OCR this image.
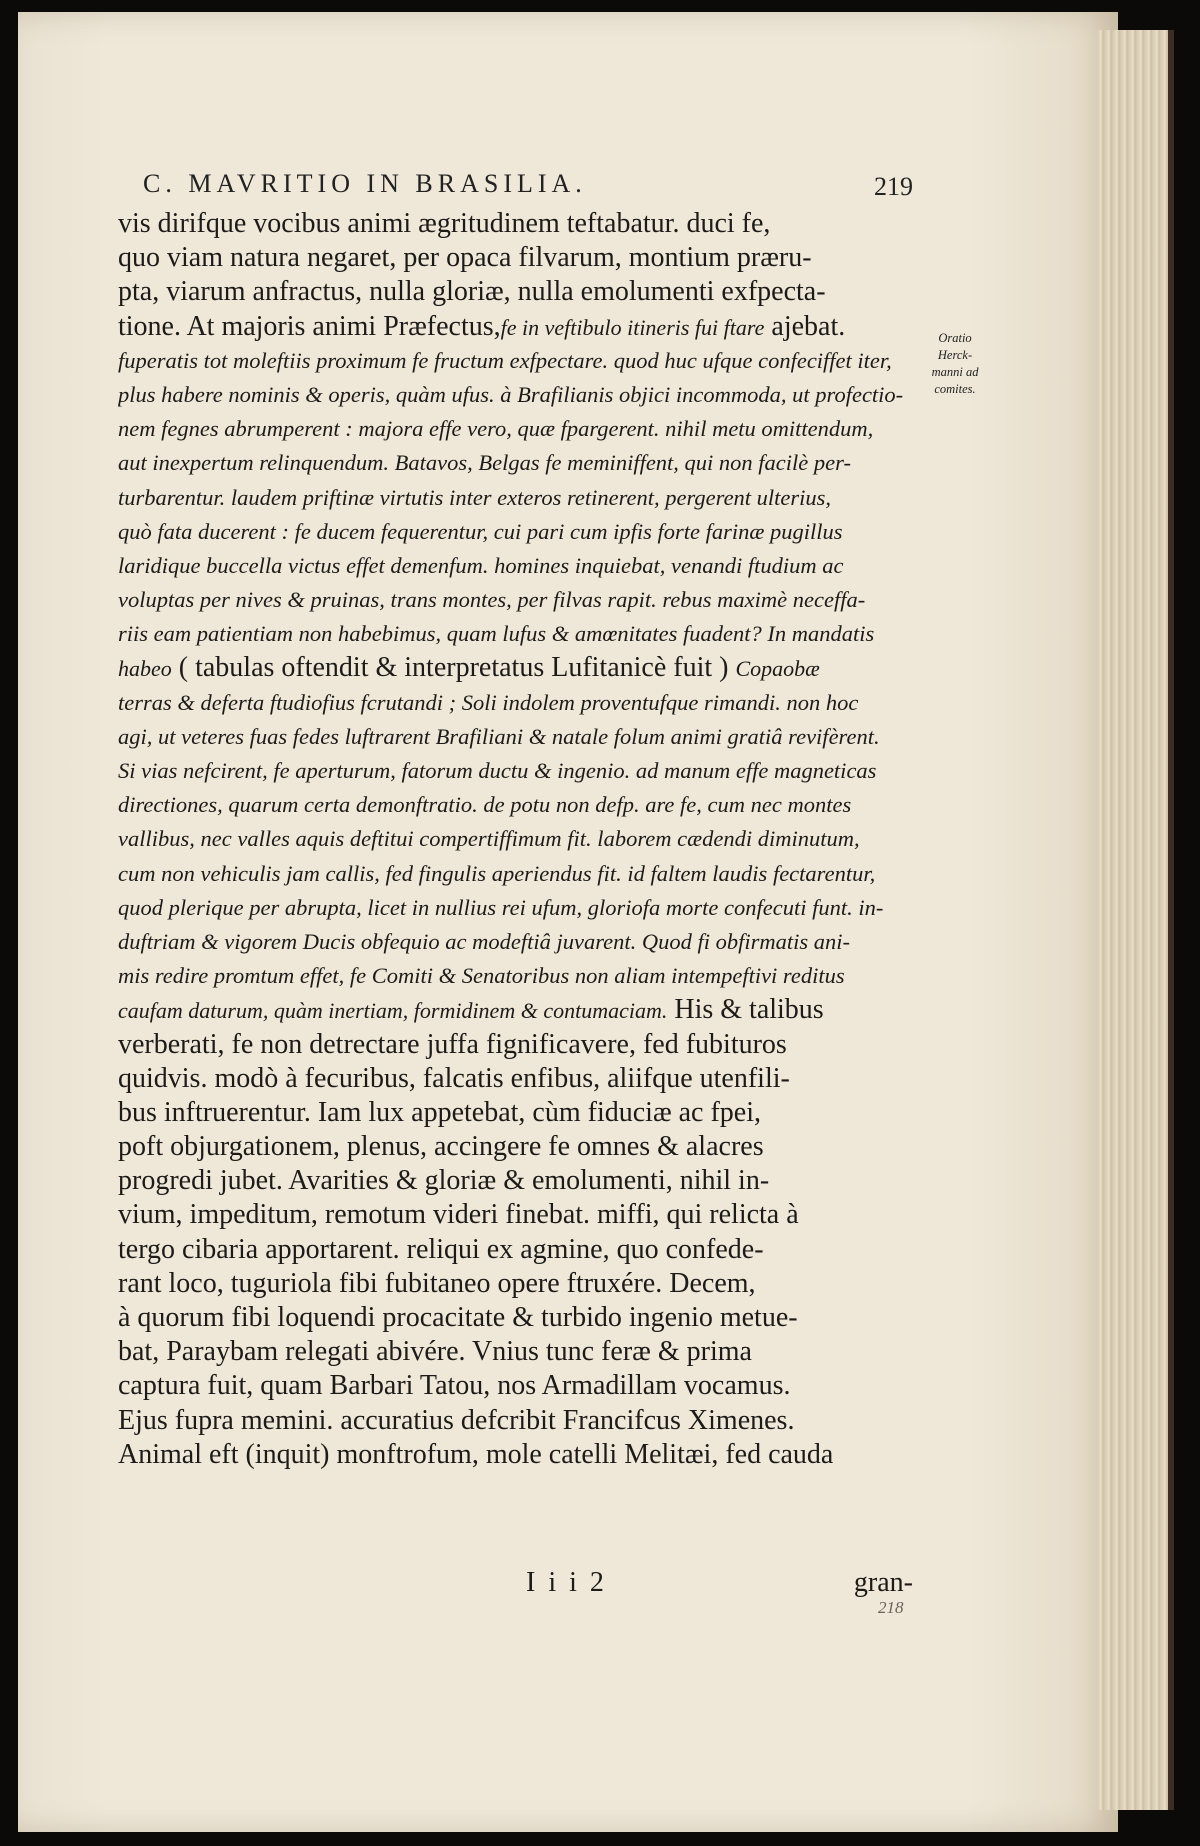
C. MAVRITIO IN BRASILIA.	219
vis dirifque vocibus animi ægritudinem teftabatur. duci fe,
quo viam natura negaret, per opaca filvarum, montium præru-
pta, viarum anfractus, nulla gloriæ, nulla emolumenti exfpecta-
tione. At majoris animi Præfectus,fe in veftibulo itineris fui ftare ajebat.
fuperatis tot moleftiis proximum fe fructum exfpectare. quod huc ufque confeciffet iter,
plus habere nominis & operis, quàm ufus. à Brafilianis objici incommoda, ut profectio-
nem fegnes abrumperent : majora effe vero, quæ fpargerent. nihil metu omittendum,
aut inexpertum relinquendum. Batavos, Belgas fe meminiffent, qui non facilè per-
turbarentur. laudem priftinæ virtutis inter exteros retinerent, pergerent ulterius,
quò fata ducerent : fe ducem fequerentur, cui pari cum ipfis forte farinæ pugillus
laridique buccella victus effet demenfum. homines inquiebat, venandi ftudium ac
voluptas per nives & pruinas, trans montes, per filvas rapit. rebus maximè neceffa-
riis eam patientiam non habebimus, quam lufus & amœnitates fuadent? In mandatis
habeo ( tabulas oftendit & interpretatus Lufitanicè fuit ) Copaobæ
terras & deferta ftudiofius fcrutandi ; Soli indolem proventufque rimandi. non hoc
agi, ut veteres fuas fedes luftrarent Brafiliani & natale folum animi gratiâ revifèrent.
Si vias nefcirent, fe aperturum, fatorum ductu & ingenio. ad manum effe magneticas
directiones, quarum certa demonftratio. de potu non defp. are fe, cum nec montes
vallibus, nec valles aquis deftitui compertiffimum fit. laborem cædendi diminutum,
cum non vehiculis jam callis, fed fingulis aperiendus fit. id faltem laudis fectarentur,
quod plerique per abrupta, licet in nullius rei ufum, gloriofa morte confecuti funt. in-
duftriam & vigorem Ducis obfequio ac modeftiâ juvarent. Quod fi obfirmatis ani-
mis redire promtum effet, fe Comiti & Senatoribus non aliam intempeftivi reditus
caufam daturum, quàm inertiam, formidinem & contumaciam. His & talibus
verberati, fe non detrectare juffa fignificavere, fed fubituros
quidvis. modò à fecuribus, falcatis enfibus, aliifque utenfili-
bus inftruerentur. Iam lux appetebat, cùm fiduciæ ac fpei,
poft objurgationem, plenus, accingere fe omnes & alacres
progredi jubet. Avarities & gloriæ & emolumenti, nihil in-
vium, impeditum, remotum videri finebat. miffi, qui relicta à
tergo cibaria apportarent. reliqui ex agmine, quo confede-
rant loco, tuguriola fibi fubitaneo opere ftruxére. Decem,
à quorum fibi loquendi procacitate & turbido ingenio metue-
bat, Paraybam relegati abivére. Vnius tunc feræ & prima
captura fuit, quam Barbari Tatou, nos Armadillam vocamus.
Ejus fupra memini. accuratius defcribit Francifcus Ximenes.
Animal eft (inquit) monftrofum, mole catelli Melitæi, fed cauda
Oratio
Herck-
manni ad
comites.
I i i 2	gran-
218
